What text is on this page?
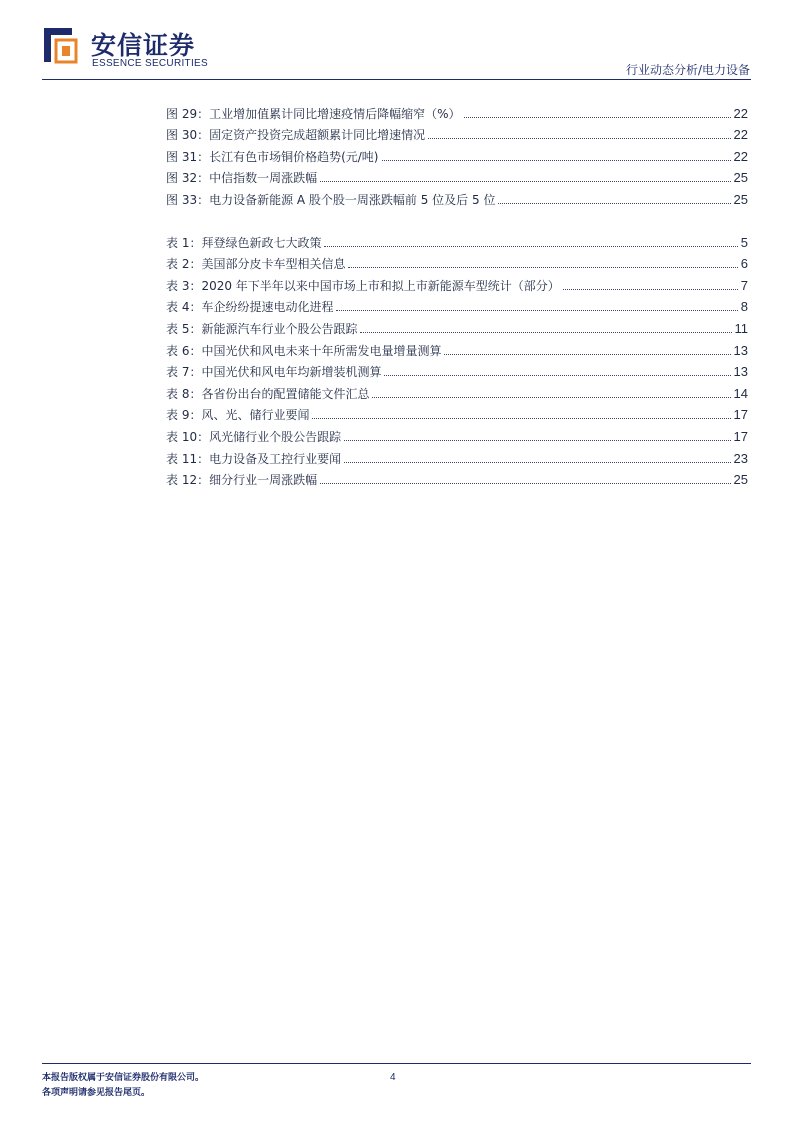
安信证券
ESSENCE SECURITIES	行业动态分析/电力设备
图 29：工业增加值累计同比增速疫情后降幅缩窄（%）	22
图 30：固定资产投资完成超额累计同比增速情况	22
图 31：长江有色市场铜价格趋势(元/吨)	22
图 32：中信指数一周涨跌幅	25
图 33：电力设备新能源 A 股个股一周涨跌幅前 5 位及后 5 位	25
表 1：拜登绿色新政七大政策	5
表 2：美国部分皮卡车型相关信息	6
表 3：2020 年下半年以来中国市场上市和拟上市新能源车型统计（部分）	7
表 4：车企纷纷提速电动化进程	8
表 5：新能源汽车行业个股公告跟踪	11
表 6：中国光伏和风电未来十年所需发电量增量测算	13
表 7：中国光伏和风电年均新增装机测算	13
表 8：各省份出台的配置储能文件汇总	14
表 9：风、光、储行业要闻	17
表 10：风光储行业个股公告跟踪	17
表 11：电力设备及工控行业要闻	23
表 12：细分行业一周涨跌幅	25
本报告版权属于安信证券股份有限公司。
各项声明请参见报告尾页。
4
